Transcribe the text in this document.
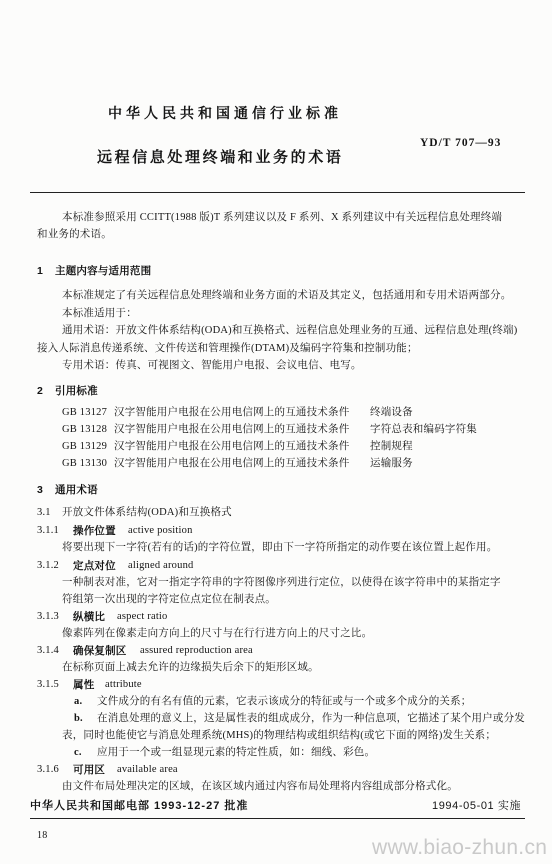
中华人民共和国通信行业标准
YD/T 707—93
远程信息处理终端和业务的术语
本标准参照采用 CCITT(1988 版)T 系列建议以及 F 系列、X 系列建议中有关远程信息处理终端
和业务的术语。
1 主题内容与适用范围
本标准规定了有关远程信息处理终端和业务方面的术语及其定义，包括通用和专用术语两部分。
本标准适用于：
通用术语：开放文件体系结构(ODA)和互换格式、远程信息处理业务的互通、远程信息处理(终端)
接入人际消息传递系统、文件传送和管理操作(DTAM)及编码字符集和控制功能；
专用术语：传真、可视图文、智能用户电报、会议电信、电写。
2 引用标准
GB 13127 汉字智能用户电报在公用电信网上的互通技术条件 终端设备
GB 13128 汉字智能用户电报在公用电信网上的互通技术条件 字符总表和编码字符集
GB 13129 汉字智能用户电报在公用电信网上的互通技术条件 控制规程
GB 13130 汉字智能用户电报在公用电信网上的互通技术条件 运输服务
3 通用术语
3.1 开放文件体系结构(ODA)和互换格式
3.1.1 操作位置 active position
将要出现下一字符(若有的话)的字符位置，即由下一字符所指定的动作要在该位置上起作用。
3.1.2 定点对位 aligned around
一种制表对准，它对一指定字符串的字符图像序列进行定位，以使得在该字符串中的某指定字
符组第一次出现的字符定位点定位在制表点。
3.1.3 纵横比 aspect ratio
像素阵列在像素走向方向上的尺寸与在行行进方向上的尺寸之比。
3.1.4 确保复制区 assured reproduction area
在标称页面上减去允许的边缘损失后余下的矩形区域。
3.1.5 属性 attribute
a. 文件成分的有名有值的元素，它表示该成分的特征或与一个或多个成分的关系；
b. 在消息处理的意义上，这是属性表的组成成分，作为一种信息项，它描述了某个用户或分发
表，同时也能使它与消息处理系统(MHS)的物理结构或组织结构(或它下面的网络)发生关系；
c. 应用于一个或一组显现元素的特定性质，如：细线、彩色。
3.1.6 可用区 available area
由文件布局处理决定的区域，在该区域内通过内容布局处理将内容组成部分格式化。
中华人民共和国邮电部 1993-12-27 批准	1994-05-01 实施
18
www.biao-zhun.cn
